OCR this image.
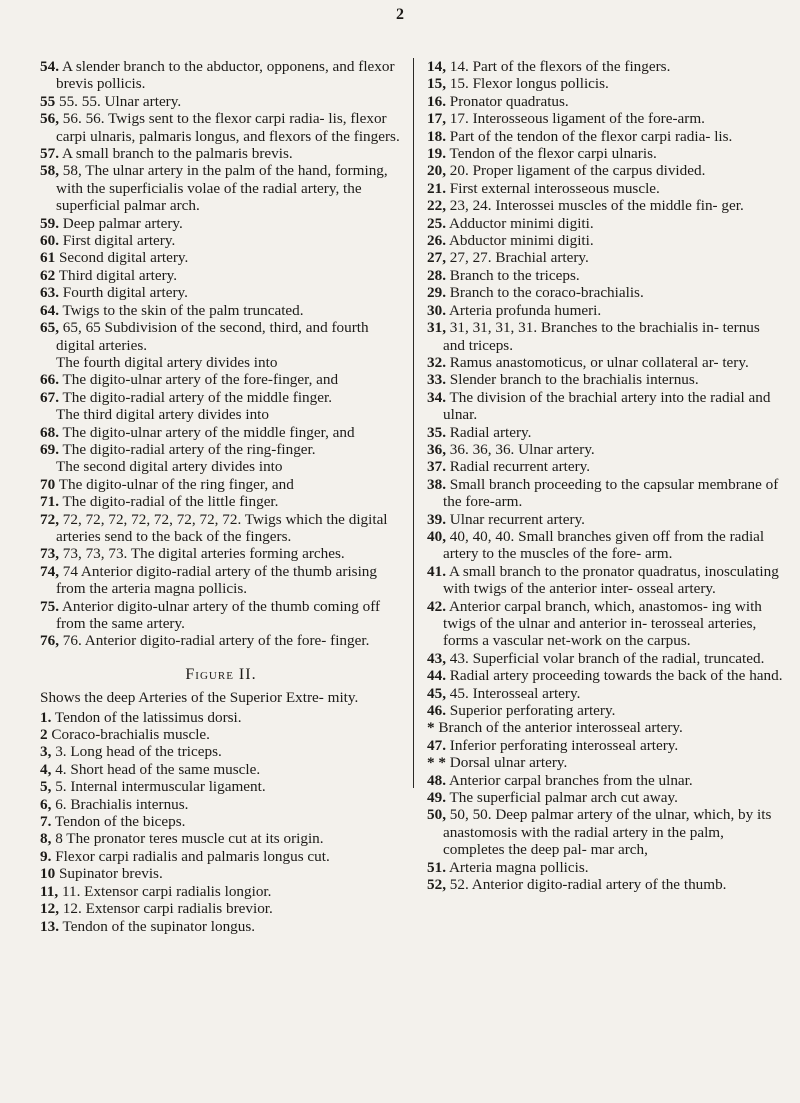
2

54. A slender branch to the abductor, opponens, and flexor brevis pollicis.

55 55. 55. Ulnar artery.

56, 56. 56. Twigs sent to the flexor carpi radia- lis, flexor carpi ulnaris, palmaris longus, and flexors of the fingers.

57. A small branch to the palmaris brevis.

58, 58, The ulnar artery in the palm of the hand, forming, with the superficialis volae of the radial artery, the superficial palmar arch.

59. Deep palmar artery.

60. First digital artery.

61 Second digital artery.

62 Third digital artery.

63. Fourth digital artery.

64. Twigs to the skin of the palm truncated.

65, 65, 65 Subdivision of the second, third, and fourth digital arteries.

The fourth digital artery divides into

66. The digito-ulnar artery of the fore-finger, and

67. The digito-radial artery of the middle finger.

The third digital artery divides into

68. The digito-ulnar artery of the middle finger, and

69. The digito-radial artery of the ring-finger.

The second digital artery divides into

70 The digito-ulnar of the ring finger, and

71. The digito-radial of the little finger.

72, 72, 72, 72, 72, 72, 72, 72, 72. Twigs which the digital arteries send to the back of the fingers.

73, 73, 73, 73. The digital arteries forming arches.

74, 74 Anterior digito-radial artery of the thumb arising from the arteria magna pollicis.

75. Anterior digito-ulnar artery of the thumb coming off from the same artery.

76, 76. Anterior digito-radial artery of the fore- finger.

Figure II.

Shows the deep Arteries of the Superior Extre- mity.

1. Tendon of the latissimus dorsi.

2 Coraco-brachialis muscle.

3, 3. Long head of the triceps.

4, 4. Short head of the same muscle.

5, 5. Internal intermuscular ligament.

6, 6. Brachialis internus.

7. Tendon of the biceps.

8, 8 The pronator teres muscle cut at its origin.

9. Flexor carpi radialis and palmaris longus cut.

10 Supinator brevis.

11, 11. Extensor carpi radialis longior.

12, 12. Extensor carpi radialis brevior.

13. Tendon of the supinator longus.

14, 14. Part of the flexors of the fingers.

15, 15. Flexor longus pollicis.

16. Pronator quadratus.

17, 17. Interosseous ligament of the fore-arm.

18. Part of the tendon of the flexor carpi radia- lis.

19. Tendon of the flexor carpi ulnaris.

20, 20. Proper ligament of the carpus divided.

21. First external interosseous muscle.

22, 23, 24. Interossei muscles of the middle fin- ger.

25. Adductor minimi digiti.

26. Abductor minimi digiti.

27, 27, 27. Brachial artery.

28. Branch to the triceps.

29. Branch to the coraco-brachialis.

30. Arteria profunda humeri.

31, 31, 31, 31, 31. Branches to the brachialis in- ternus and triceps.

32. Ramus anastomoticus, or ulnar collateral ar- tery.

33. Slender branch to the brachialis internus.

34. The division of the brachial artery into the radial and ulnar.

35. Radial artery.

36, 36. 36, 36. Ulnar artery.

37. Radial recurrent artery.

38. Small branch proceeding to the capsular membrane of the fore-arm.

39. Ulnar recurrent artery.

40, 40, 40, 40. Small branches given off from the radial artery to the muscles of the fore- arm.

41. A small branch to the pronator quadratus, inosculating with twigs of the anterior inter- osseal artery.

42. Anterior carpal branch, which, anastomos- ing with twigs of the ulnar and anterior in- terosseal arteries, forms a vascular net-work on the carpus.

43, 43. Superficial volar branch of the radial, truncated.

44. Radial artery proceeding towards the back of the hand.

45, 45. Interosseal artery.

46. Superior perforating artery.

* Branch of the anterior interosseal artery.

47. Inferior perforating interosseal artery.

* * Dorsal ulnar artery.

48. Anterior carpal branches from the ulnar.

49. The superficial palmar arch cut away.

50, 50, 50. Deep palmar artery of the ulnar, which, by its anastomosis with the radial artery in the palm, completes the deep pal- mar arch,

51. Arteria magna pollicis.

52, 52. Anterior digito-radial artery of the thumb.
